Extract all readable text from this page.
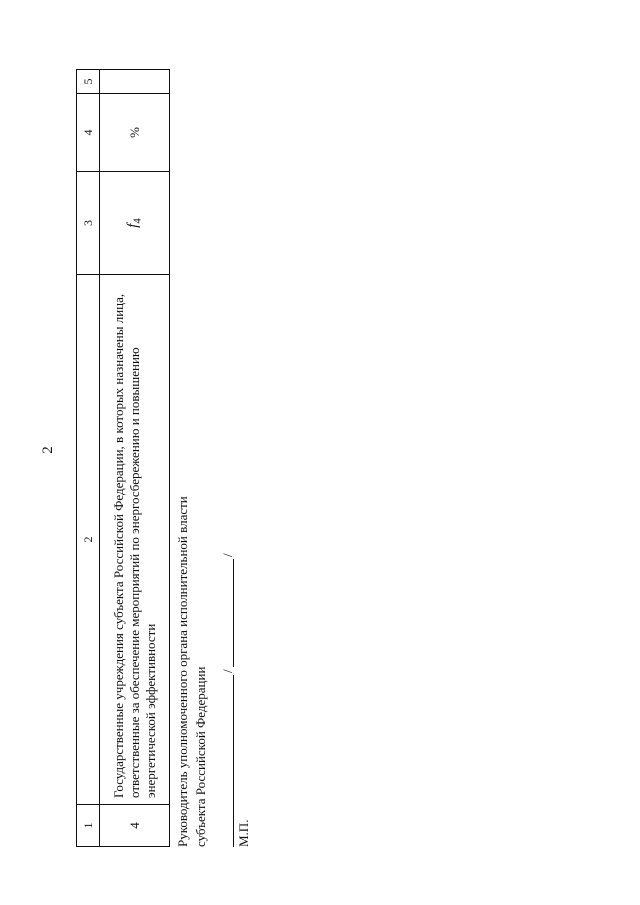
2
1	2	3	4	5
4	Государственные учреждения субъекта Российской Федерации, в которых назначены лица, ответственные за обеспечение мероприятий по энергосбережению и повышению энергетической эффективности	$f_4$	%	
Руководитель уполномоченного органа исполнительной власти субъекта Российской Федерации /
/
М.П.
